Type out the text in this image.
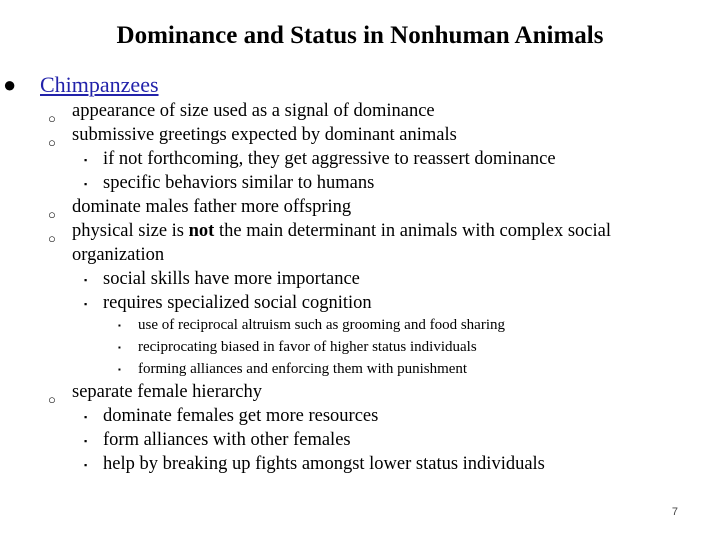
Dominance and Status in Nonhuman Animals
● Chimpanzees
○ appearance of size used as a signal of dominance
○ submissive greetings expected by dominant animals
▪ if not forthcoming, they get aggressive to reassert dominance
▪ specific behaviors similar to humans
○ dominate males father more offspring
○ physical size is not the main determinant in animals with complex social
organization
▪ social skills have more importance
▪ requires specialized social cognition
▪ use of reciprocal altruism such as grooming and food sharing
▪ reciprocating biased in favor of higher status individuals
▪ forming alliances and enforcing them with punishment
○ separate female hierarchy
▪ dominate females get more resources
▪ form alliances with other females
▪ help by breaking up fights amongst lower status individuals
7
